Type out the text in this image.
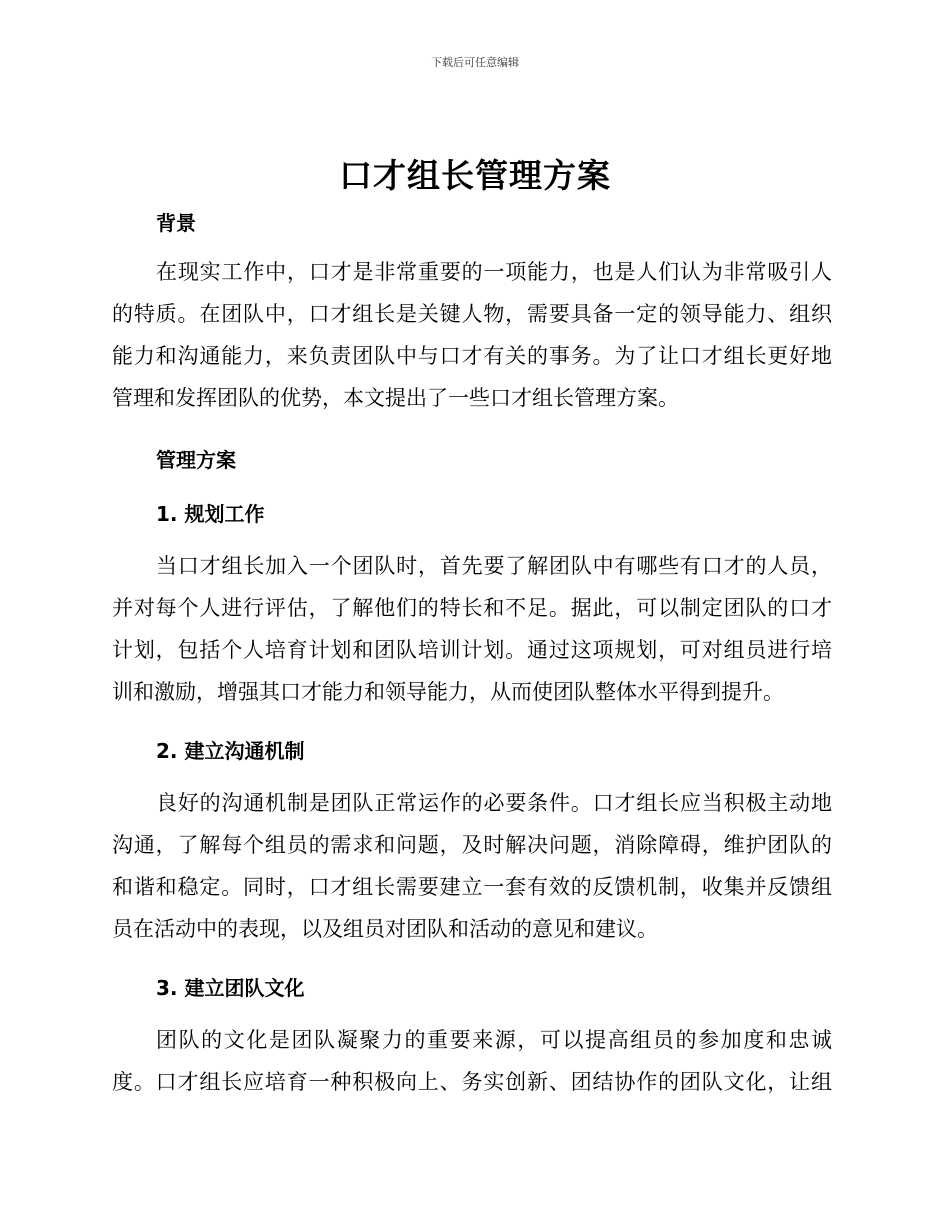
下载后可任意编辑
口才组长管理方案
背景
在现实工作中，口才是非常重要的一项能力，也是人们认为非常吸引人
的特质。在团队中，口才组长是关键人物，需要具备一定的领导能力、组织
能力和沟通能力，来负责团队中与口才有关的事务。为了让口才组长更好地
管理和发挥团队的优势，本文提出了一些口才组长管理方案。
管理方案
1. 规划工作
当口才组长加入一个团队时，首先要了解团队中有哪些有口才的人员，
并对每个人进行评估，了解他们的特长和不足。据此，可以制定团队的口才
计划，包括个人培育计划和团队培训计划。通过这项规划，可对组员进行培
训和激励，增强其口才能力和领导能力，从而使团队整体水平得到提升。
2. 建立沟通机制
良好的沟通机制是团队正常运作的必要条件。口才组长应当积极主动地
沟通，了解每个组员的需求和问题，及时解决问题，消除障碍，维护团队的
和谐和稳定。同时，口才组长需要建立一套有效的反馈机制，收集并反馈组
员在活动中的表现，以及组员对团队和活动的意见和建议。
3. 建立团队文化
团队的文化是团队凝聚力的重要来源，可以提高组员的参加度和忠诚
度。口才组长应培育一种积极向上、务实创新、团结协作的团队文化，让组
